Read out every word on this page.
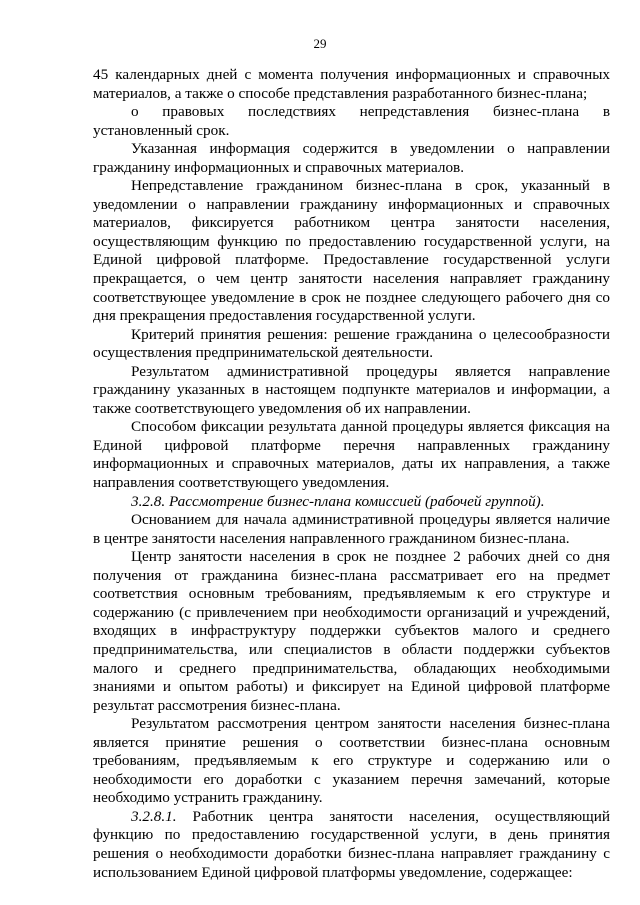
29

45 календарных дней с момента получения информационных и справочных материалов, а также о способе представления разработанного бизнес-плана;

о правовых последствиях непредставления бизнес-плана в установленный срок.

Указанная информация содержится в уведомлении о направлении гражданину информационных и справочных материалов.

Непредставление гражданином бизнес-плана в срок, указанный в уведомлении о направлении гражданину информационных и справочных материалов, фиксируется работником центра занятости населения, осуществляющим функцию по предоставлению государственной услуги, на Единой цифровой платформе. Предоставление государственной услуги прекращается, о чем центр занятости населения направляет гражданину соответствующее уведомление в срок не позднее следующего рабочего дня со дня прекращения предоставления государственной услуги.

Критерий принятия решения: решение гражданина о целесообразности осуществления предпринимательской деятельности.

Результатом административной процедуры является направление гражданину указанных в настоящем подпункте материалов и информации, а также соответствующего уведомления об их направлении.

Способом фиксации результата данной процедуры является фиксация на Единой цифровой платформе перечня направленных гражданину информационных и справочных материалов, даты их направления, а также направления соответствующего уведомления.

3.2.8. Рассмотрение бизнес-плана комиссией (рабочей группой).

Основанием для начала административной процедуры является наличие в центре занятости населения направленного гражданином бизнес-плана.

Центр занятости населения в срок не позднее 2 рабочих дней со дня получения от гражданина бизнес-плана рассматривает его на предмет соответствия основным требованиям, предъявляемым к его структуре и содержанию (с привлечением при необходимости организаций и учреждений, входящих в инфраструктуру поддержки субъектов малого и среднего предпринимательства, или специалистов в области поддержки субъектов малого и среднего предпринимательства, обладающих необходимыми знаниями и опытом работы) и фиксирует на Единой цифровой платформе результат рассмотрения бизнес-плана.

Результатом рассмотрения центром занятости населения бизнес-плана является принятие решения о соответствии бизнес-плана основным требованиям, предъявляемым к его структуре и содержанию или о необходимости его доработки с указанием перечня замечаний, которые необходимо устранить гражданину.

3.2.8.1. Работник центра занятости населения, осуществляющий функцию по предоставлению государственной услуги, в день принятия решения о необходимости доработки бизнес-плана направляет гражданину с использованием Единой цифровой платформы уведомление, содержащее:
